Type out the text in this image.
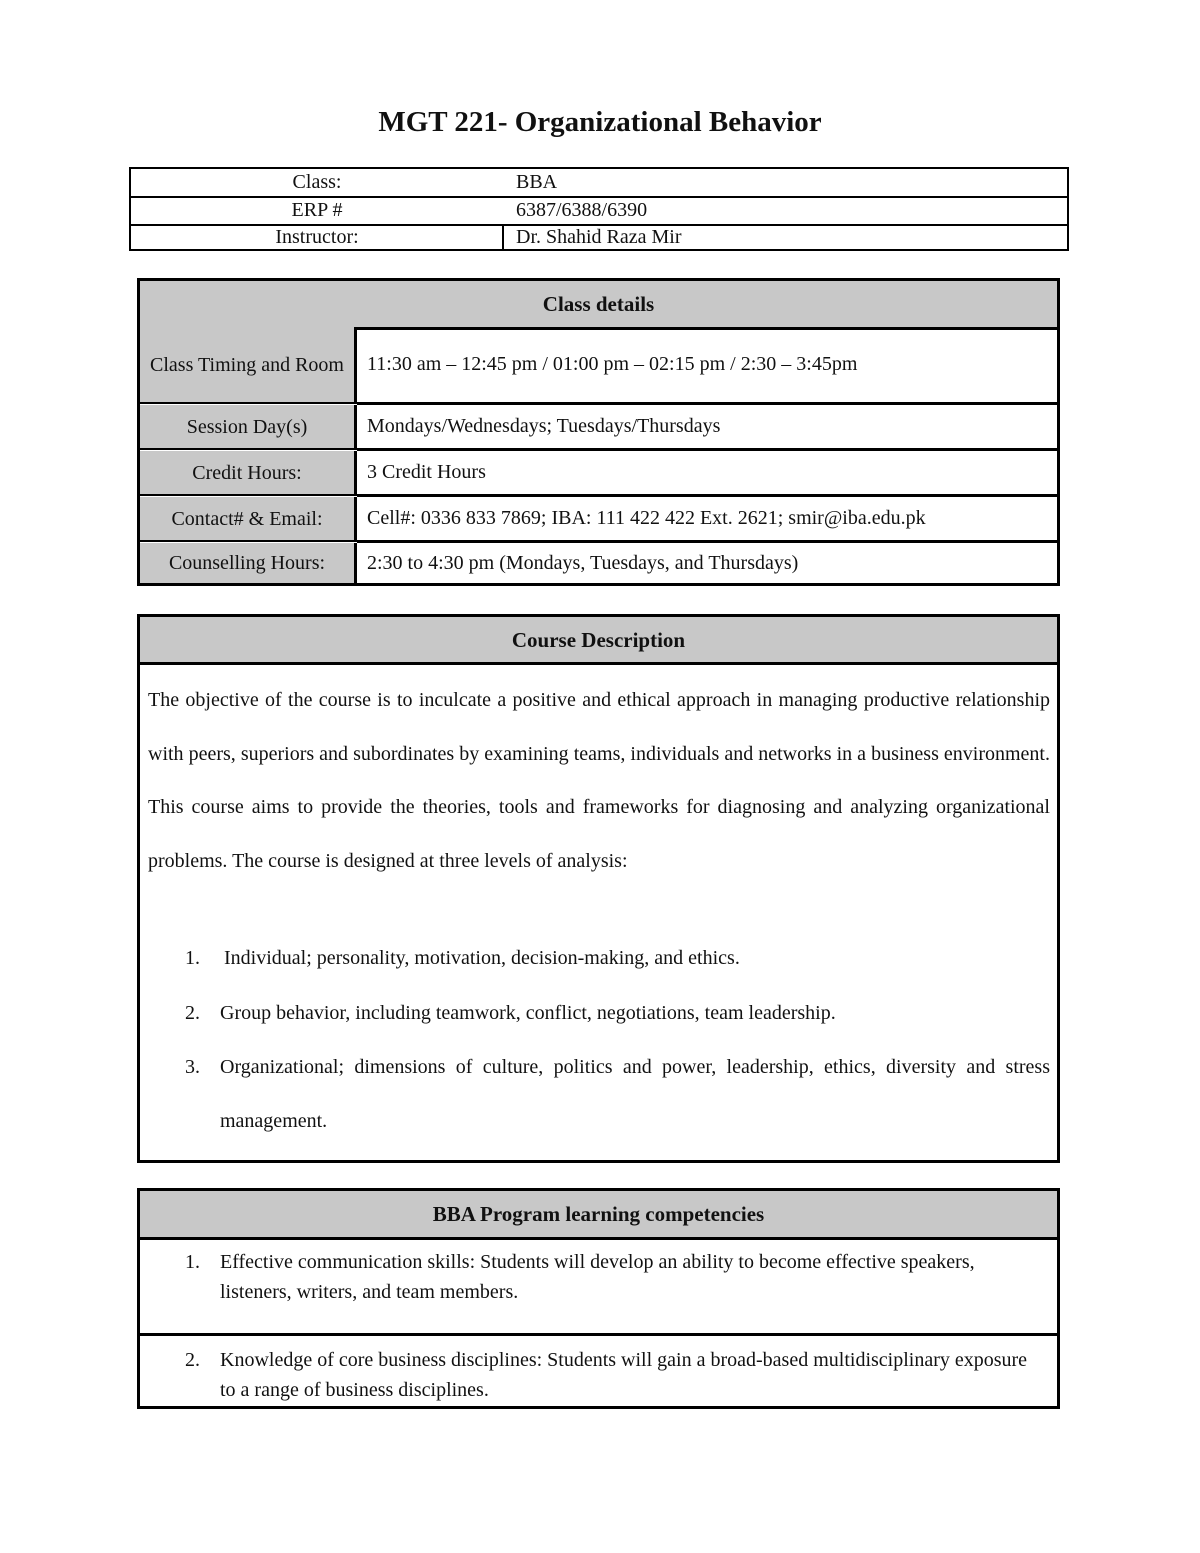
MGT 221- Organizational Behavior
Class:	BBA
ERP #	6387/6388/6390
Instructor:	Dr. Shahid Raza Mir
Class details
Class Timing and Room	11:30 am – 12:45 pm / 01:00 pm – 02:15 pm / 2:30 – 3:45pm
Session Day(s)	Mondays/Wednesdays; Tuesdays/Thursdays
Credit Hours:	3 Credit Hours
Contact# & Email:	Cell#: 0336 833 7869; IBA: 111 422 422 Ext. 2621; smir@iba.edu.pk
Counselling Hours:	2:30 to 4:30 pm (Mondays, Tuesdays, and Thursdays)
Course Description

The objective of the course is to inculcate a positive and ethical approach in managing productive relationship with peers, superiors and subordinates by examining teams, individuals and networks in a business environment. This course aims to provide the theories, tools and frameworks for diagnosing and analyzing organizational problems. The course is designed at three levels of analysis:

1. Individual; personality, motivation, decision-making, and ethics.
2. Group behavior, including teamwork, conflict, negotiations, team leadership.
3. Organizational; dimensions of culture, politics and power, leadership, ethics, diversity and stress management.
BBA Program learning competencies
1. Effective communication skills: Students will develop an ability to become effective speakers, listeners, writers, and team members.
2. Knowledge of core business disciplines: Students will gain a broad-based multidisciplinary exposure to a range of business disciplines.
